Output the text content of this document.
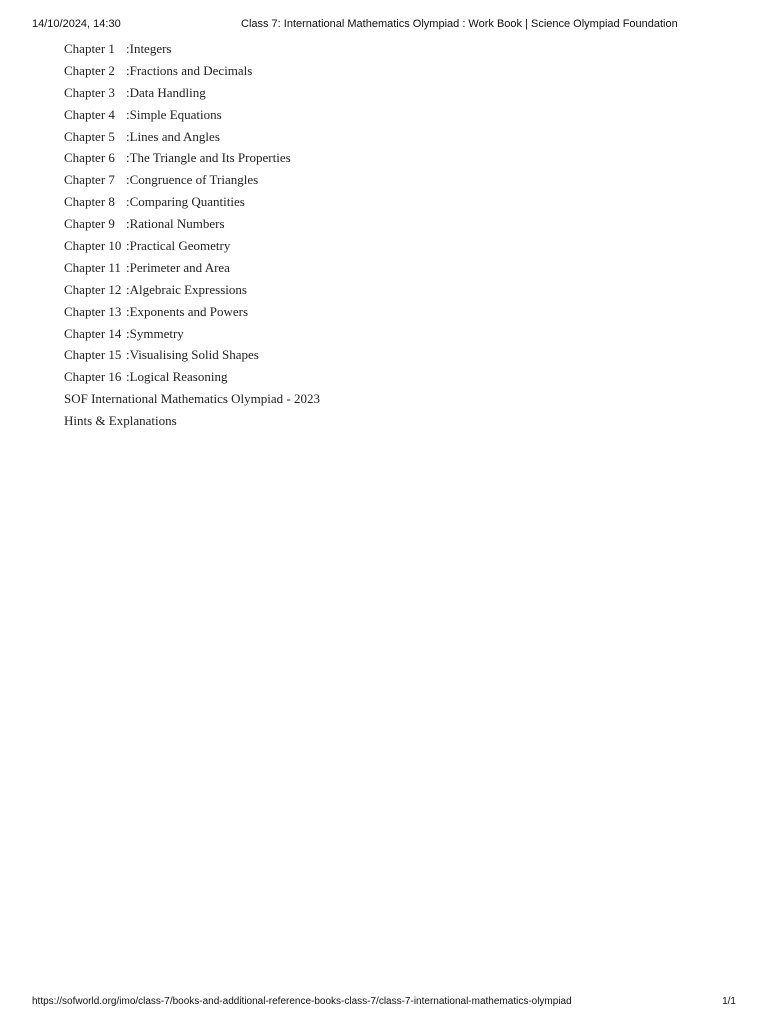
14/10/2024, 14:30	Class 7: International Mathematics Olympiad : Work Book | Science Olympiad Foundation
Chapter 1 :Integers
Chapter 2 :Fractions and Decimals
Chapter 3 :Data Handling
Chapter 4 :Simple Equations
Chapter 5 :Lines and Angles
Chapter 6 :The Triangle and Its Properties
Chapter 7 :Congruence of Triangles
Chapter 8 :Comparing Quantities
Chapter 9 :Rational Numbers
Chapter 10 :Practical Geometry
Chapter 11 :Perimeter and Area
Chapter 12 :Algebraic Expressions
Chapter 13 :Exponents and Powers
Chapter 14 :Symmetry
Chapter 15 :Visualising Solid Shapes
Chapter 16 :Logical Reasoning
SOF International Mathematics Olympiad - 2023
Hints & Explanations
https://sofworld.org/imo/class-7/books-and-additional-reference-books-class-7/class-7-international-mathematics-olympiad	1/1
